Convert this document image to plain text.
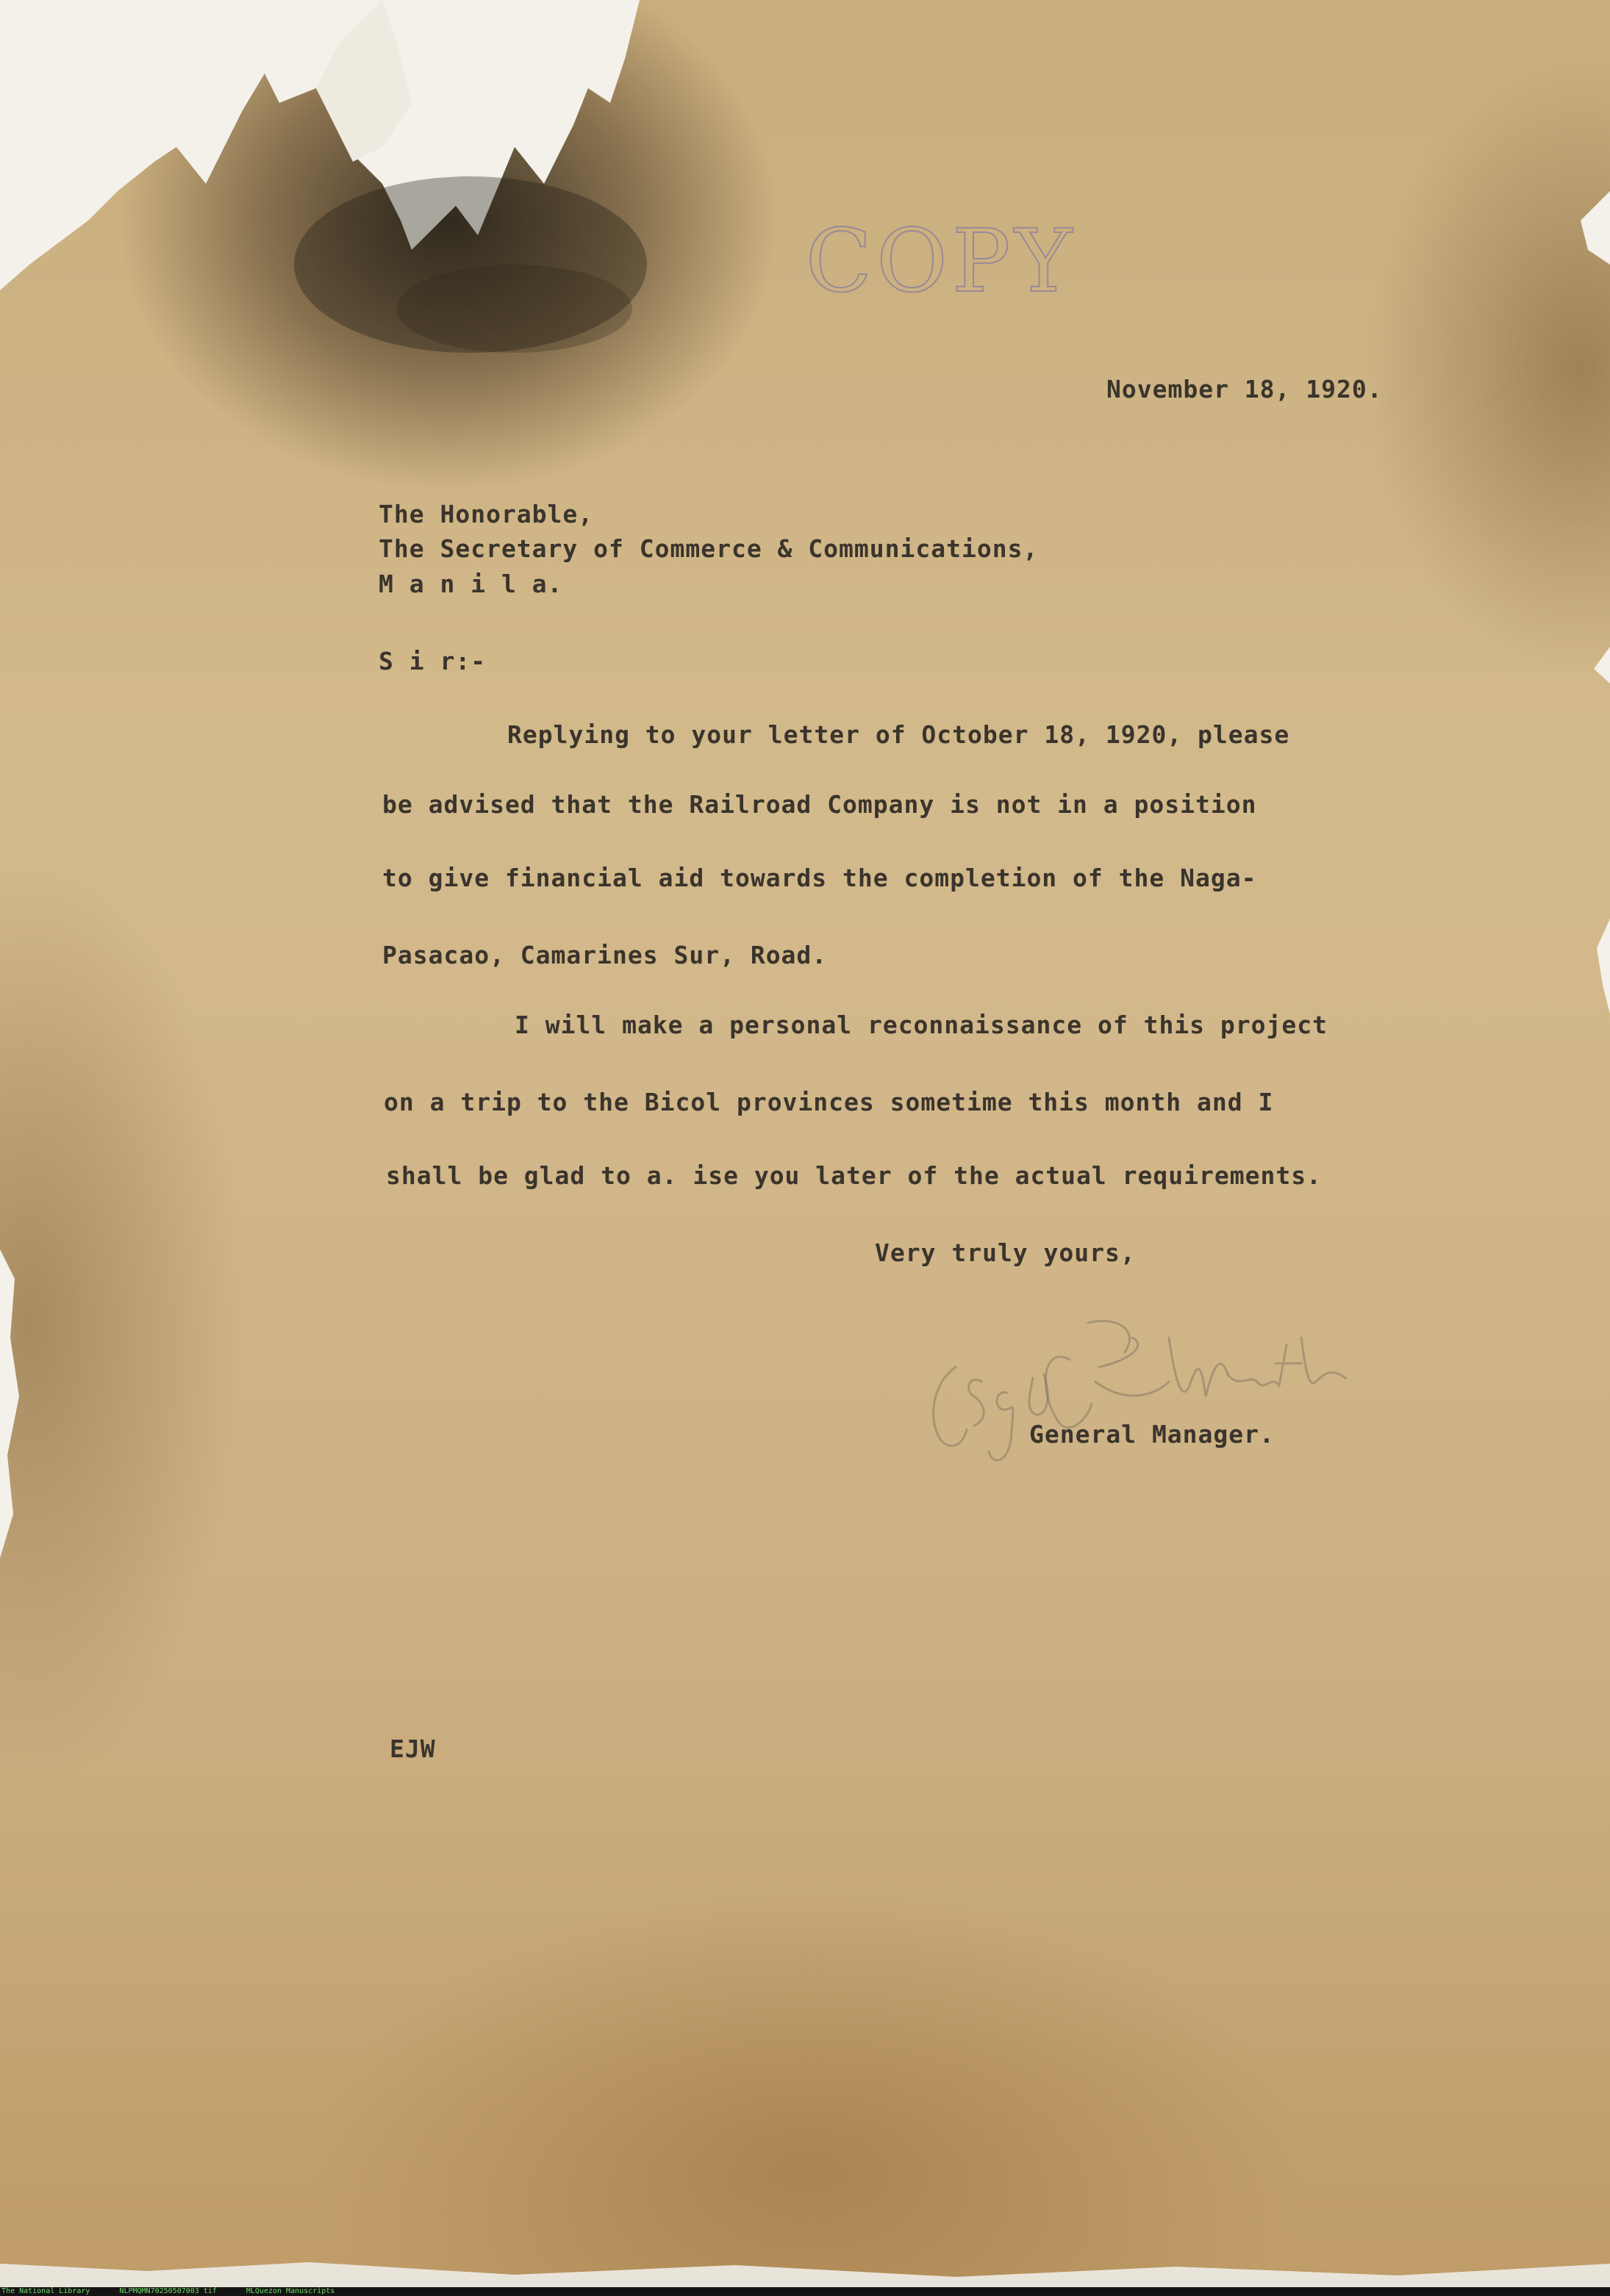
COPY

November 18, 1920.

The Honorable,

The Secretary of Commerce & Communications,

M a n i l a.

S i r:-

Replying to your letter of October 18, 1920, please

be advised that the Railroad Company is not in a position

to give financial aid towards the completion of the Naga-

Pasacao, Camarines Sur, Road.

I will make a personal reconnaissance of this project

on a trip to the Bicol provinces sometime this month and I

shall be glad to a. ise you later of the actual requirements.

Very truly yours,

General Manager.

EJW

The National Library	NLPMQMN70250507003 tif	MLQuezon Manuscripts
